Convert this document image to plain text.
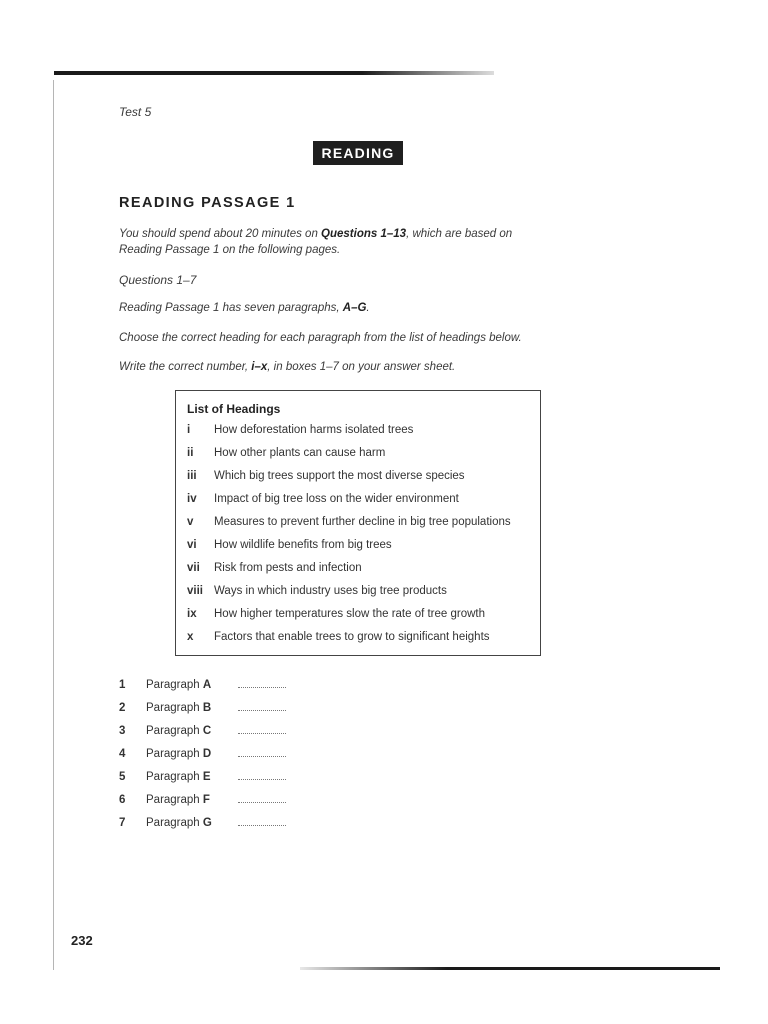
Test 5
READING
READING PASSAGE 1
You should spend about 20 minutes on Questions 1–13, which are based on Reading Passage 1 on the following pages.
Questions 1–7
Reading Passage 1 has seven paragraphs, A–G.
Choose the correct heading for each paragraph from the list of headings below.
Write the correct number, i–x, in boxes 1–7 on your answer sheet.
List of Headings
i How deforestation harms isolated trees
ii How other plants can cause harm
iii Which big trees support the most diverse species
iv Impact of big tree loss on the wider environment
v Measures to prevent further decline in big tree populations
vi How wildlife benefits from big trees
vii Risk from pests and infection
viii Ways in which industry uses big tree products
ix How higher temperatures slow the rate of tree growth
x Factors that enable trees to grow to significant heights
1 Paragraph A
2 Paragraph B
3 Paragraph C
4 Paragraph D
5 Paragraph E
6 Paragraph F
7 Paragraph G
232
